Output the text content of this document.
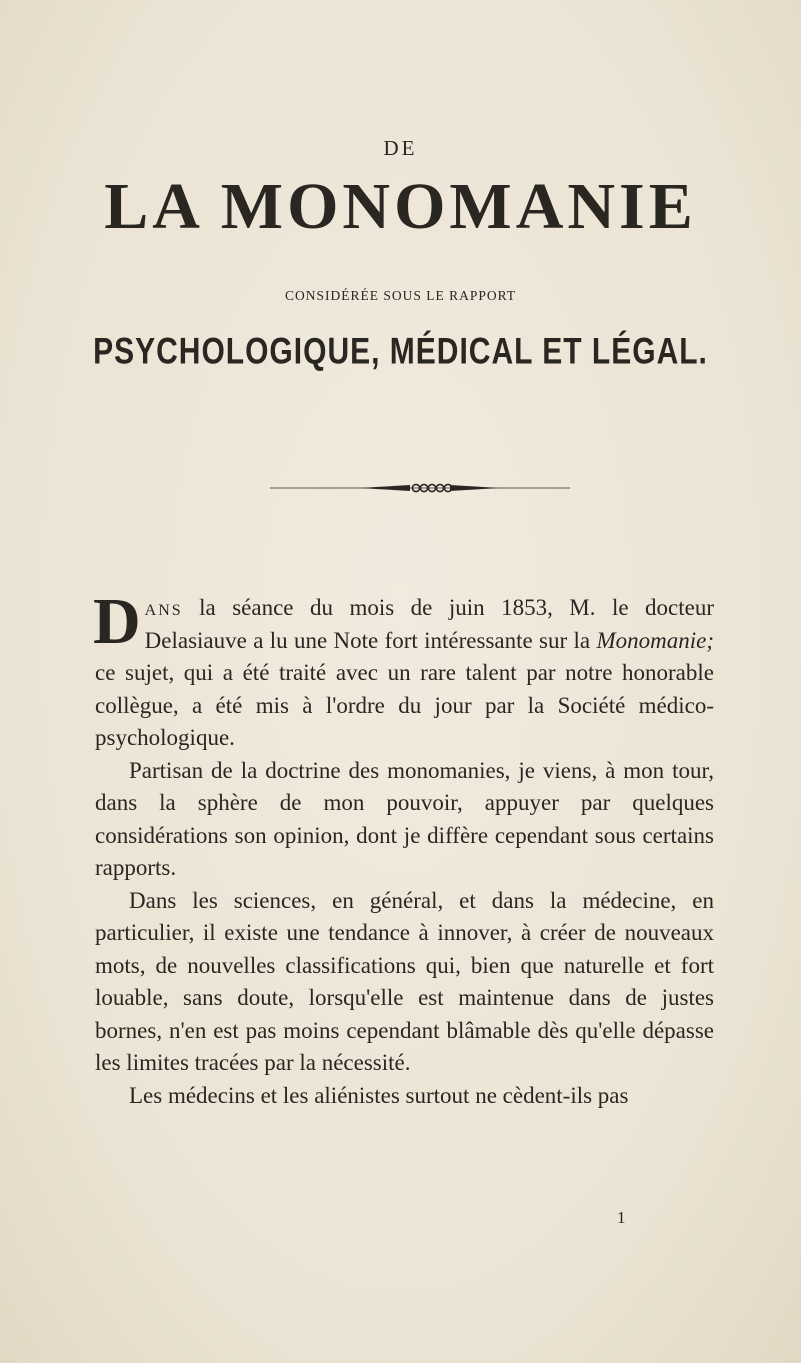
DE
LA MONOMANIE
CONSIDÉRÉE SOUS LE RAPPORT
PSYCHOLOGIQUE, MÉDICAL ET LÉGAL.

Dans la séance du mois de juin 1853, M. le docteur Delasiauve a lu une Note fort intéressante sur la Monomanie; ce sujet, qui a été traité avec un rare talent par notre honorable collègue, a été mis à l'ordre du jour par la Société médico-psychologique.

Partisan de la doctrine des monomanies, je viens, à mon tour, dans la sphère de mon pouvoir, appuyer par quelques considérations son opinion, dont je diffère cependant sous certains rapports.

Dans les sciences, en général, et dans la médecine, en particulier, il existe une tendance à innover, à créer de nouveaux mots, de nouvelles classifications qui, bien que naturelle et fort louable, sans doute, lorsqu'elle est maintenue dans de justes bornes, n'en est pas moins cependant blâmable dès qu'elle dépasse les limites tracées par la nécessité.

Les médecins et les aliénistes surtout ne cèdent-ils pas

1
